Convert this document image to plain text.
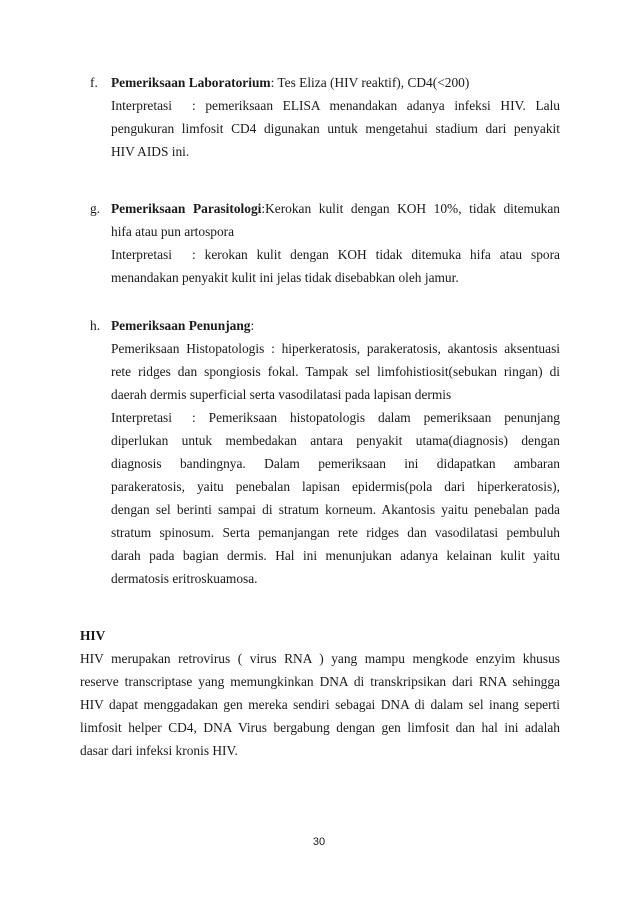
f. Pemeriksaan Laboratorium: Tes Eliza (HIV reaktif), CD4(<200)
Interpretasi : pemeriksaan ELISA menandakan adanya infeksi HIV. Lalu
pengukuran limfosit CD4 digunakan untuk mengetahui stadium dari penyakit
HIV AIDS ini.
g. Pemeriksaan Parasitologi:Kerokan kulit dengan KOH 10%, tidak ditemukan
hifa atau pun artospora
Interpretasi : kerokan kulit dengan KOH tidak ditemuka hifa atau spora
menandakan penyakit kulit ini jelas tidak disebabkan oleh jamur.
h. Pemeriksaan Penunjang:
Pemeriksaan Histopatologis : hiperkeratosis, parakeratosis, akantosis aksentuasi
rete ridges dan spongiosis fokal. Tampak sel limfohistiosit(sebukan ringan) di
daerah dermis superficial serta vasodilatasi pada lapisan dermis
Interpretasi : Pemeriksaan histopatologis dalam pemeriksaan penunjang
diperlukan untuk membedakan antara penyakit utama(diagnosis) dengan
diagnosis bandingnya. Dalam pemeriksaan ini didapatkan ambaran
parakeratosis, yaitu penebalan lapisan epidermis(pola dari hiperkeratosis),
dengan sel berinti sampai di stratum korneum. Akantosis yaitu penebalan pada
stratum spinosum. Serta pemanjangan rete ridges dan vasodilatasi pembuluh
darah pada bagian dermis. Hal ini menunjukan adanya kelainan kulit yaitu
dermatosis eritroskuamosa.
HIV
HIV merupakan retrovirus ( virus RNA ) yang mampu mengkode enzyim khusus
reserve transcriptase yang memungkinkan DNA di transkripsikan dari RNA sehingga
HIV dapat menggadakan gen mereka sendiri sebagai DNA di dalam sel inang seperti
limfosit helper CD4, DNA Virus bergabung dengan gen limfosit dan hal ini adalah
dasar dari infeksi kronis HIV.
30
